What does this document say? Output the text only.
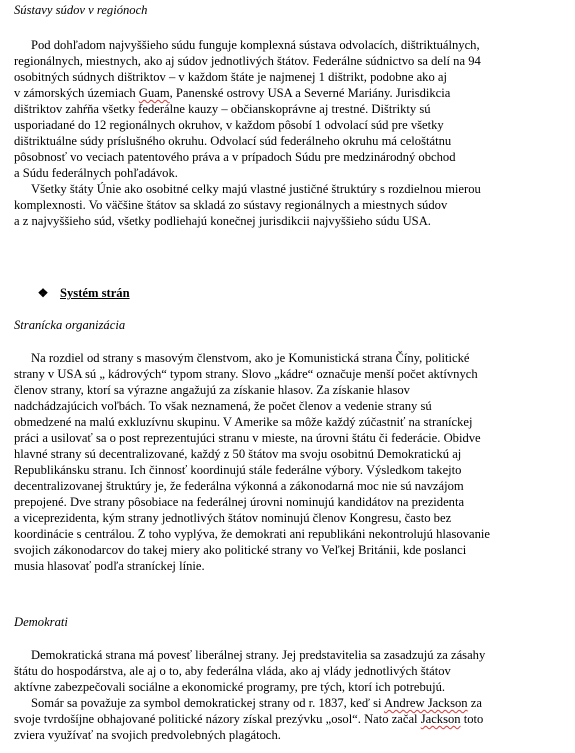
Sústavy súdov v regiónoch

Pod dohľadom najvyššieho súdu funguje komplexná sústava odvolacích, dištriktuálnych,
regionálnych, miestnych, ako aj súdov jednotlivých štátov. Federálne súdnictvo sa delí na 94
osobitných súdnych dištriktov – v každom štáte je najmenej 1 dištrikt, podobne ako aj
v zámorských územiach Guam, Panenské ostrovy USA a Severné Mariány. Jurisdikcia
dištriktov zahŕňa všetky federálne kauzy – občianskoprávne aj trestné. Dištrikty sú
usporiadané do 12 regionálnych okruhov, v každom pôsobí 1 odvolací súd pre všetky
dištriktuálne súdy príslušného okruhu. Odvolací súd federálneho okruhu má celoštátnu
pôsobnosť vo veciach patentového práva a v prípadoch Súdu pre medzinárodný obchod
a Súdu federálnych pohľadávok.
Všetky štáty Únie ako osobitné celky majú vlastné justičné štruktúry s rozdielnou mierou
komplexnosti. Vo väčšine štátov sa skladá zo sústavy regionálnych a miestnych súdov
a z najvyššieho súd, všetky podliehajú konečnej jurisdikcii najvyššieho súdu USA.

❖ Systém strán

Stranícka organizácia

Na rozdiel od strany s masovým členstvom, ako je Komunistická strana Číny, politické
strany v USA sú „ kádrových“ typom strany. Slovo „kádre“ označuje menší počet aktívnych
členov strany, ktorí sa výrazne angažujú za získanie hlasov. Za získanie hlasov
nadchádzajúcich voľbách. To však neznamená, že počet členov a vedenie strany sú
obmedzené na malú exkluzívnu skupinu. V Amerike sa môže každý zúčastniť na straníckej
práci a usilovať sa o post reprezentujúci stranu v mieste, na úrovni štátu či federácie. Obidve
hlavné strany sú decentralizované, každý z 50 štátov ma svoju osobitnú Demokratickú aj
Republikánsku stranu. Ich činnosť koordinujú stále federálne výbory. Výsledkom takejto
decentralizovanej štruktúry je, že federálna výkonná a zákonodarná moc nie sú navzájom
prepojené. Dve strany pôsobiace na federálnej úrovni nominujú kandidátov na prezidenta
a viceprezidenta, kým strany jednotlivých štátov nominujú členov Kongresu, často bez
koordinácie s centrálou. Z toho vyplýva, že demokrati ani republikáni nekontrolujú hlasovanie
svojich zákonodarcov do takej miery ako politické strany vo Veľkej Británii, kde poslanci
musia hlasovať podľa straníckej línie.

Demokrati

Demokratická strana má povesť liberálnej strany. Jej predstavitelia sa zasadzujú za zásahy
štátu do hospodárstva, ale aj o to, aby federálna vláda, ako aj vlády jednotlivých štátov
aktívne zabezpečovali sociálne a ekonomické programy, pre tých, ktorí ich potrebujú.
Somár sa považuje za symbol demokratickej strany od r. 1837, keď si Andrew Jackson za
svoje tvrdošíjne obhajované politické názory získal prezývku „osol“. Nato začal Jackson toto
zviera využívať na svojich predvolebných plagátoch.
